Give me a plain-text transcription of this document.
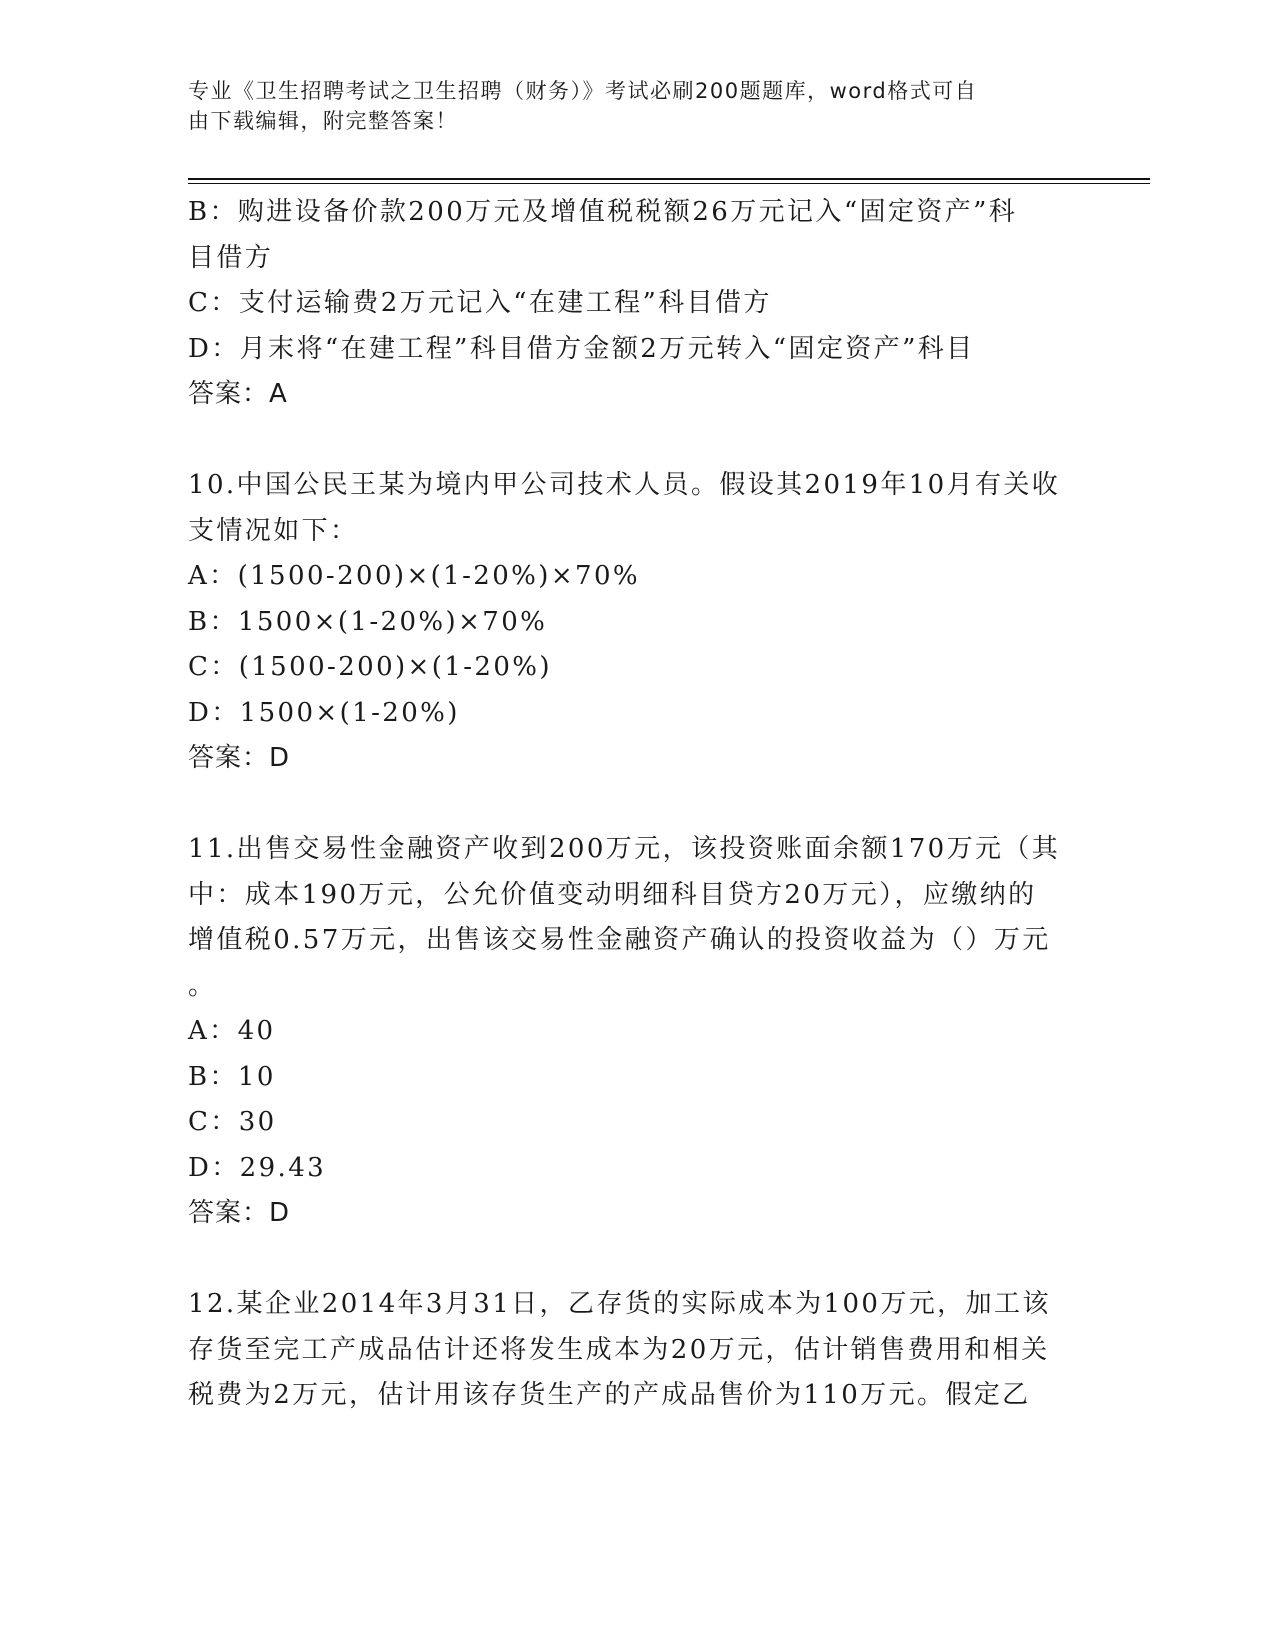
专业《卫生招聘考试之卫生招聘（财务）》考试必刷200题题库，word格式可自
由下载编辑，附完整答案！
B：购进设备价款200万元及增值税税额26万元记入“固定资产”科
目借方
C：支付运输费2万元记入“在建工程”科目借方
D：月末将“在建工程”科目借方金额2万元转入“固定资产”科目
答案：A
10.中国公民王某为境内甲公司技术人员。假设其2019年10月有关收
支情况如下：
A：(1500-200)×(1-20%)×70%
B：1500×(1-20%)×70%
C：(1500-200)×(1-20%)
D：1500×(1-20%)
答案：D
11.出售交易性金融资产收到200万元，该投资账面余额170万元（其
中：成本190万元，公允价值变动明细科目贷方20万元），应缴纳的
增值税0.57万元，出售该交易性金融资产确认的投资收益为（）万元
。
A：40
B：10
C：30
D：29.43
答案：D
12.某企业2014年3月31日，乙存货的实际成本为100万元，加工该
存货至完工产成品估计还将发生成本为20万元，估计销售费用和相关
税费为2万元，估计用该存货生产的产成品售价为110万元。假定乙
